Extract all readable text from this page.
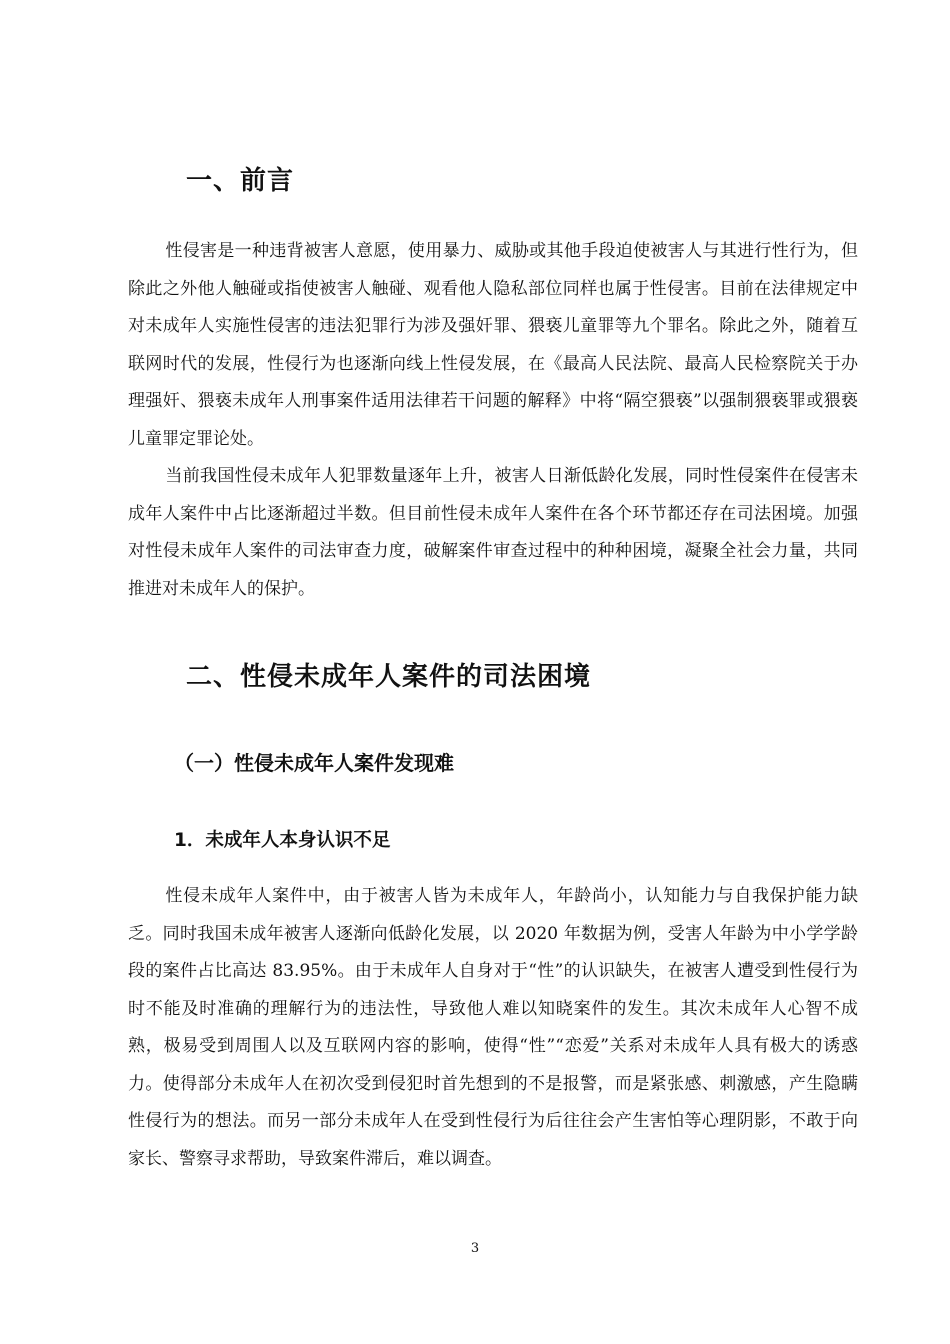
一、前言

性侵害是一种违背被害人意愿，使用暴力、威胁或其他手段迫使被害人与其进行性行为，但除此之外他人触碰或指使被害人触碰、观看他人隐私部位同样也属于性侵害。目前在法律规定中对未成年人实施性侵害的违法犯罪行为涉及强奸罪、猥亵儿童罪等九个罪名。除此之外，随着互联网时代的发展，性侵行为也逐渐向线上性侵发展，在《最高人民法院、最高人民检察院关于办理强奸、猥亵未成年人刑事案件适用法律若干问题的解释》中将“隔空猥亵”以强制猥亵罪或猥亵儿童罪定罪论处。

当前我国性侵未成年人犯罪数量逐年上升，被害人日渐低龄化发展，同时性侵案件在侵害未成年人案件中占比逐渐超过半数。但目前性侵未成年人案件在各个环节都还存在司法困境。加强对性侵未成年人案件的司法审查力度，破解案件审查过程中的种种困境，凝聚全社会力量，共同推进对未成年人的保护。

二、性侵未成年人案件的司法困境
（一）性侵未成年人案件发现难
1．未成年人本身认识不足

性侵未成年人案件中，由于被害人皆为未成年人，年龄尚小，认知能力与自我保护能力缺乏。同时我国未成年被害人逐渐向低龄化发展，以 2020 年数据为例，受害人年龄为中小学学龄段的案件占比高达 83.95%。由于未成年人自身对于“性”的认识缺失，在被害人遭受到性侵行为时不能及时准确的理解行为的违法性，导致他人难以知晓案件的发生。其次未成年人心智不成熟，极易受到周围人以及互联网内容的影响，使得“性”“恋爱”关系对未成年人具有极大的诱惑力。使得部分未成年人在初次受到侵犯时首先想到的不是报警，而是紧张感、刺激感，产生隐瞒性侵行为的想法。而另一部分未成年人在受到性侵行为后往往会产生害怕等心理阴影，不敢于向家长、警察寻求帮助，导致案件滞后，难以调查。

3
